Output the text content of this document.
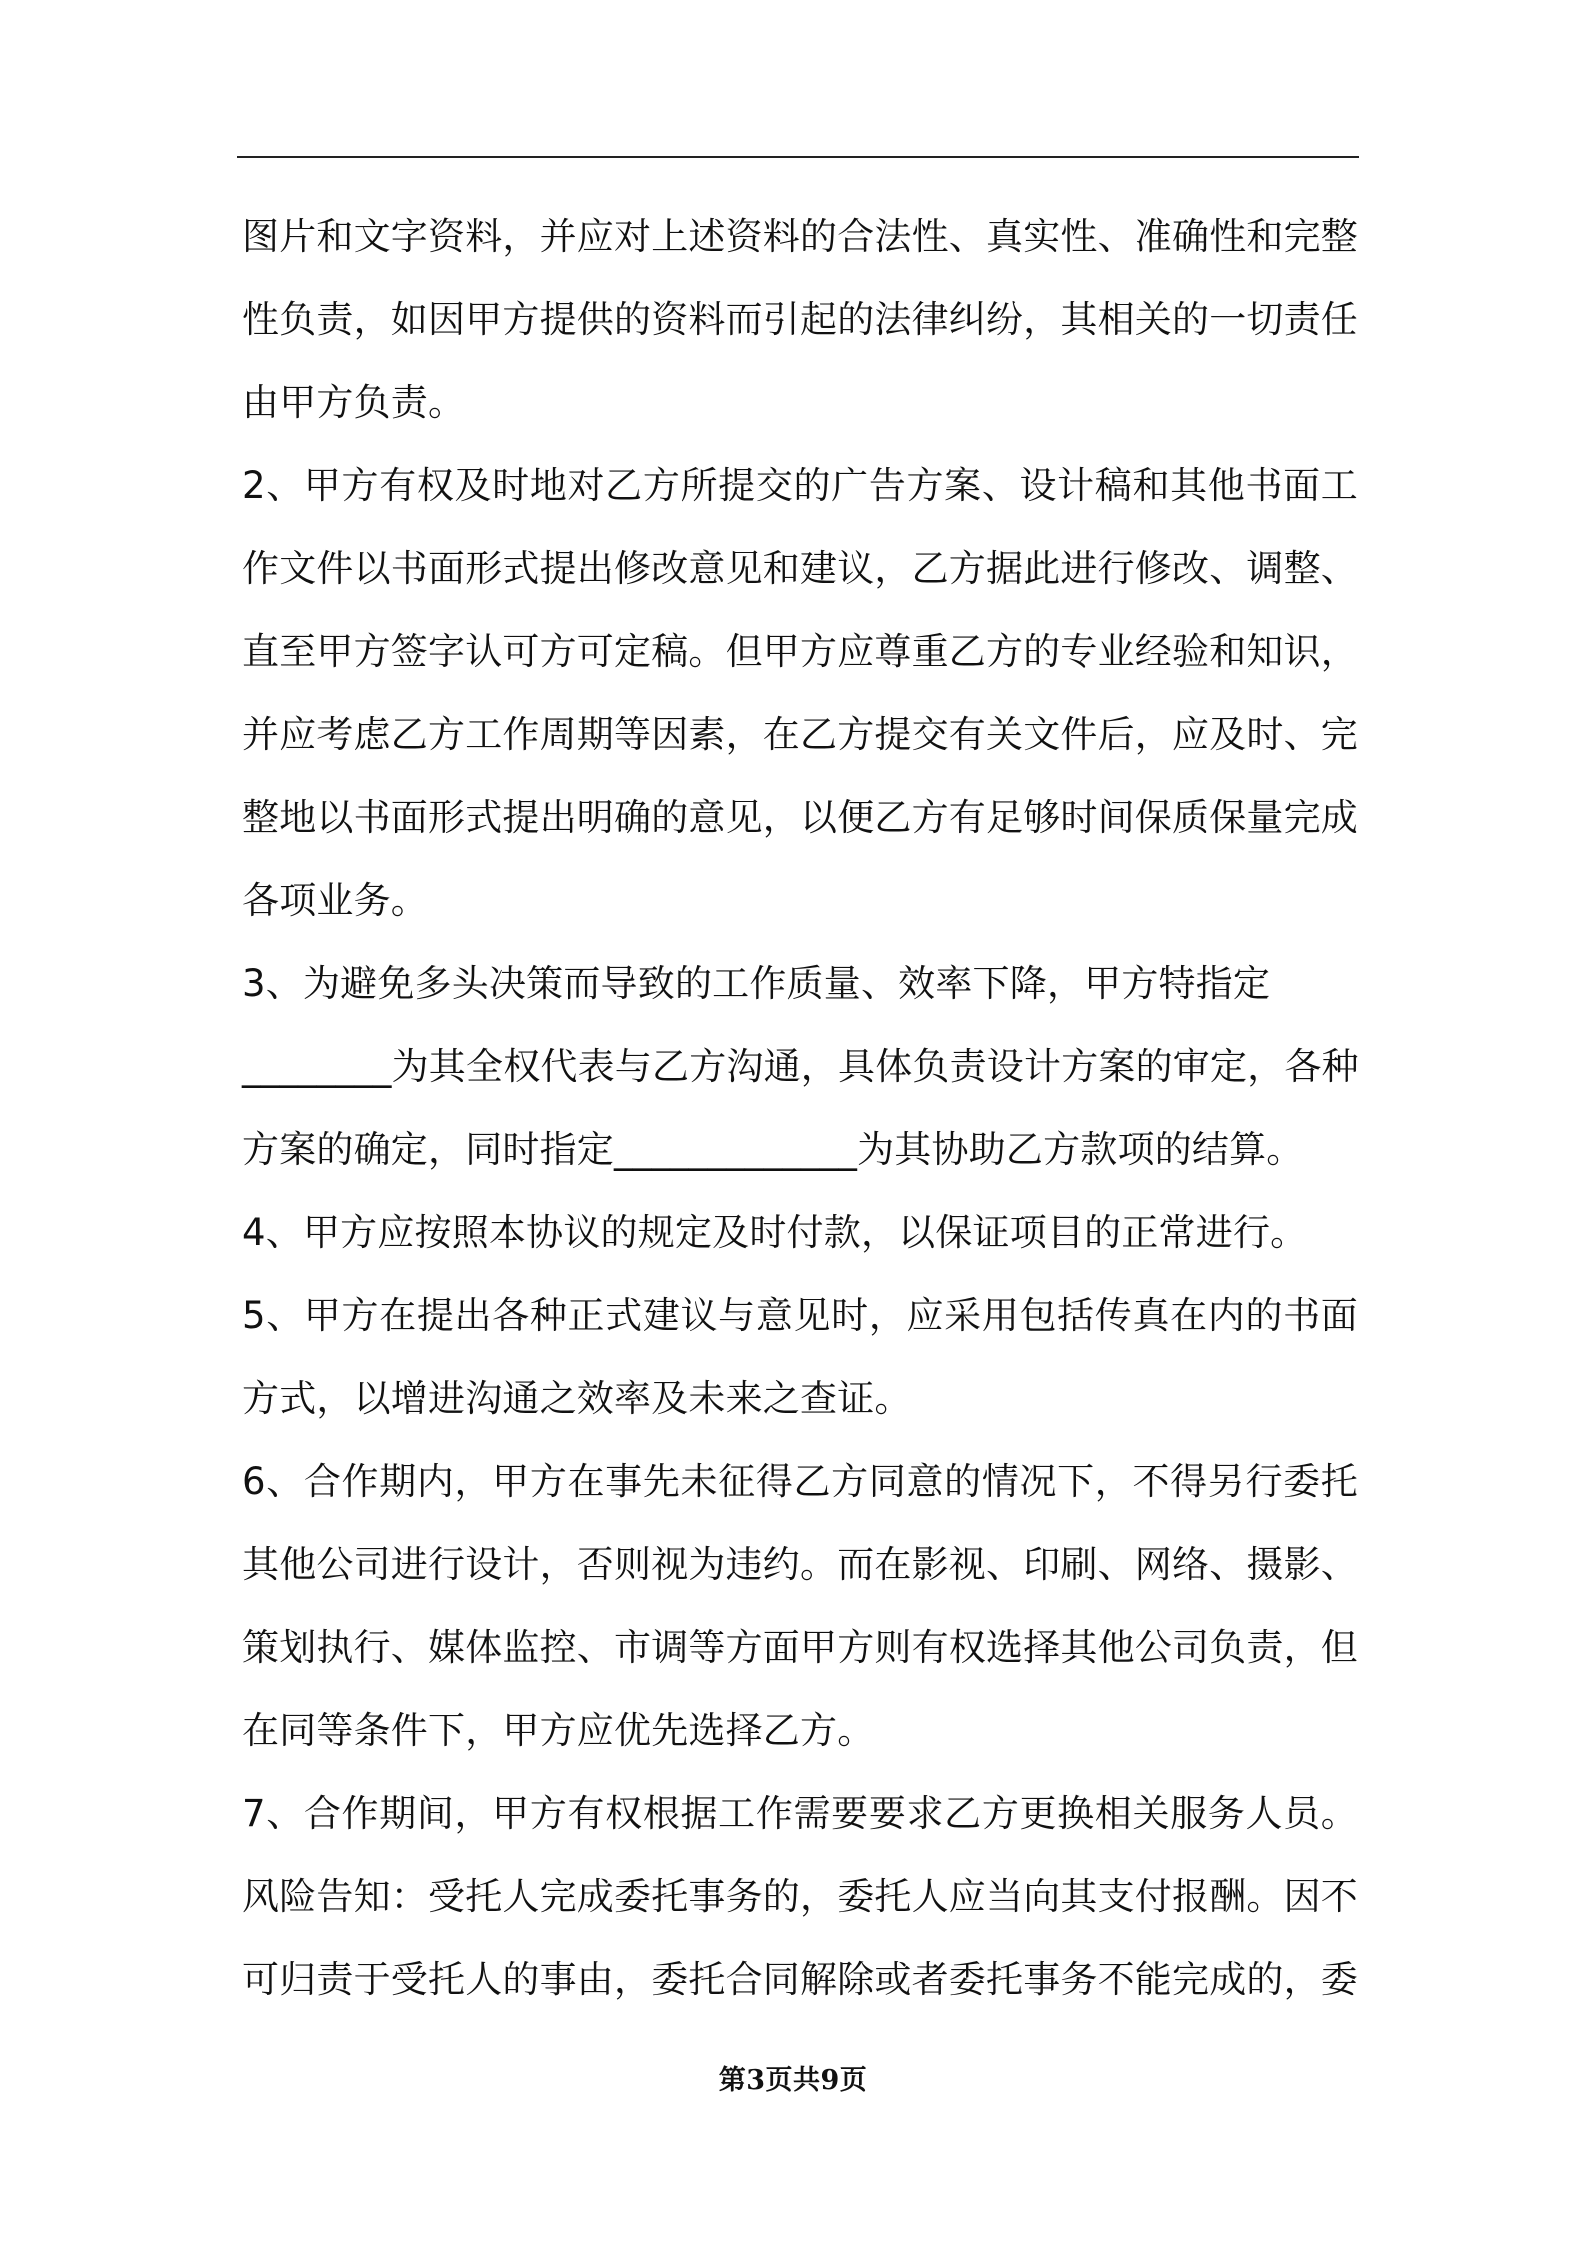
图片和文字资料，并应对上述资料的合法性、真实性、准确性和完整
性负责，如因甲方提供的资料而引起的法律纠纷，其相关的一切责任
由甲方负责。
2、甲方有权及时地对乙方所提交的广告方案、设计稿和其他书面工
作文件以书面形式提出修改意见和建议，乙方据此进行修改、调整、
直至甲方签字认可方可定稿。但甲方应尊重乙方的专业经验和知识，
并应考虑乙方工作周期等因素，在乙方提交有关文件后，应及时、完
整地以书面形式提出明确的意见，以便乙方有足够时间保质保量完成
各项业务。
3、为避免多头决策而导致的工作质量、效率下降，甲方特指定
________为其全权代表与乙方沟通，具体负责设计方案的审定，各种
方案的确定，同时指定_____________为其协助乙方款项的结算。
4、甲方应按照本协议的规定及时付款，以保证项目的正常进行。
5、甲方在提出各种正式建议与意见时，应采用包括传真在内的书面
方式，以增进沟通之效率及未来之查证。
6、合作期内，甲方在事先未征得乙方同意的情况下，不得另行委托
其他公司进行设计，否则视为违约。而在影视、印刷、网络、摄影、
策划执行、媒体监控、市调等方面甲方则有权选择其他公司负责，但
在同等条件下，甲方应优先选择乙方。
7、合作期间，甲方有权根据工作需要要求乙方更换相关服务人员。
风险告知：受托人完成委托事务的，委托人应当向其支付报酬。因不
可归责于受托人的事由，委托合同解除或者委托事务不能完成的，委
第3页共9页
